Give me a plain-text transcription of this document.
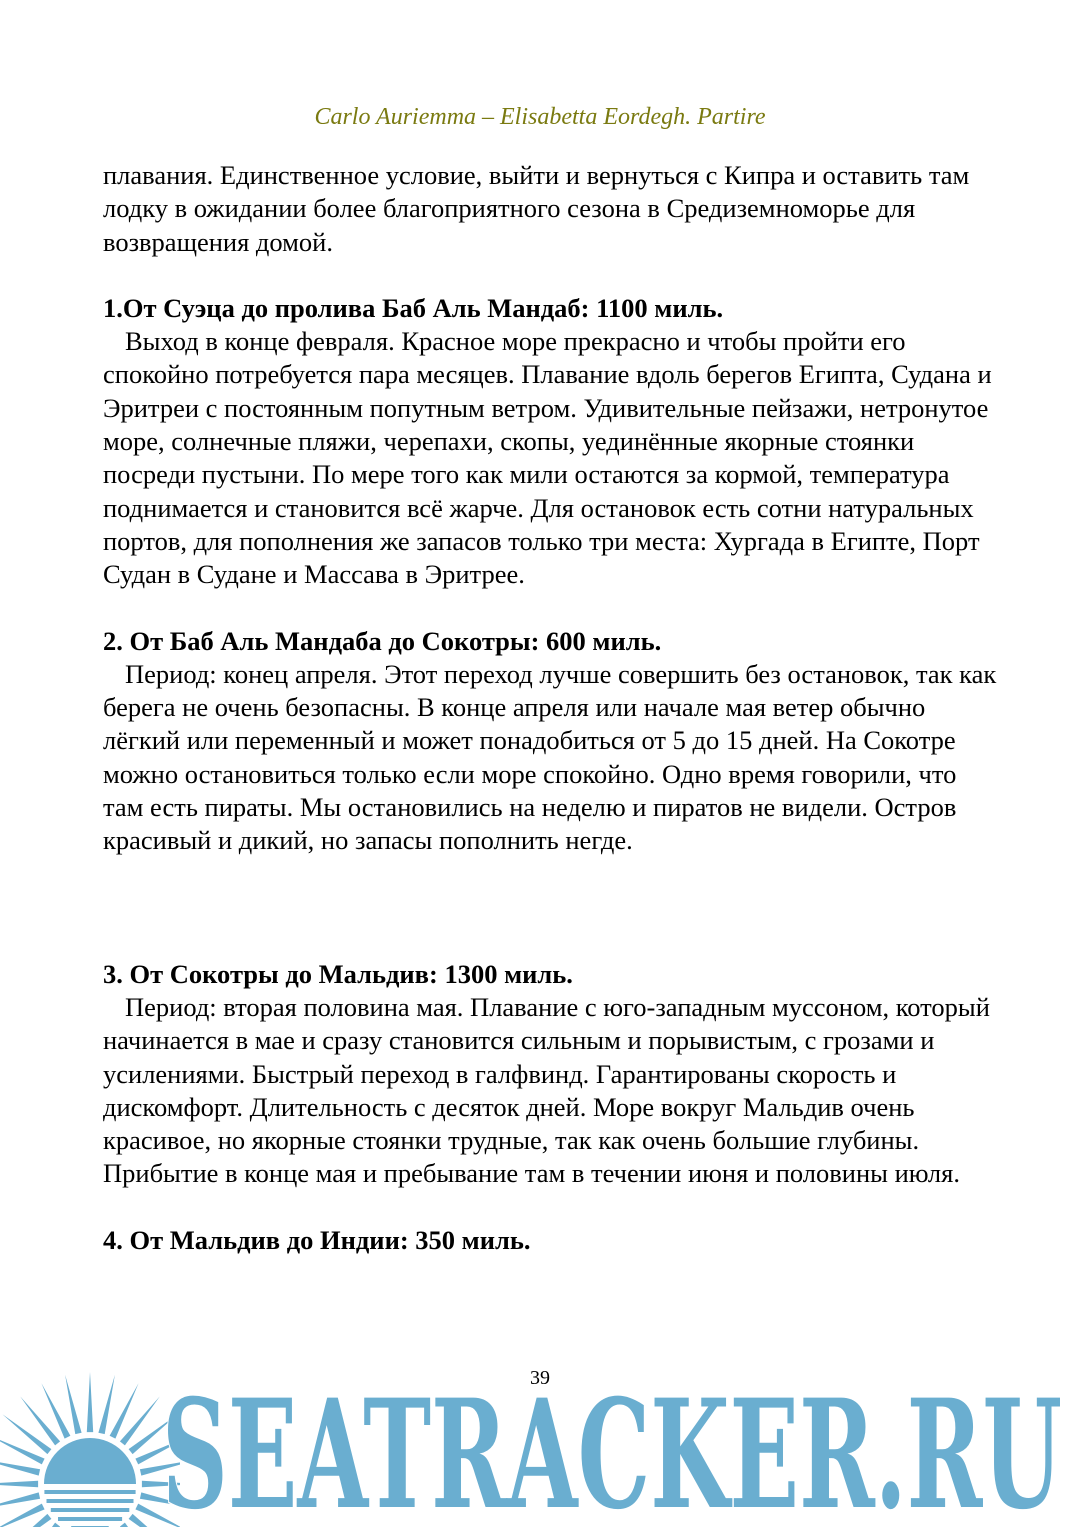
Carlo Auriemma – Elisabetta Eordegh. Partire

плавания. Единственное условие, выйти и вернуться с Кипра и оставить там лодку в ожидании более благоприятного сезона в Средиземноморье для возвращения домой.

1.От Суэца до пролива Баб Аль Мандаб: 1100 миль.

Выход в конце февраля. Красное море прекрасно и чтобы пройти его спокойно потребуется пара месяцев. Плавание вдоль берегов Египта, Судана и Эритреи с постоянным попутным ветром. Удивительные пейзажи, нетронутое море, солнечные пляжи, черепахи, скопы, уединённые якорные стоянки посреди пустыни. По мере того как мили остаются за кормой, температура поднимается и становится всё жарче. Для остановок есть сотни натуральных портов, для пополнения же запасов только три места: Хургада в Египте, Порт Судан в Судане и Массава в Эритрее.

2. От Баб Аль Мандаба до Сокотры: 600 миль.

Период: конец апреля. Этот переход лучше совершить без остановок, так как берега не очень безопасны. В конце апреля или начале мая ветер обычно лёгкий или переменный и может понадобиться от 5 до 15 дней. На Сокотре можно остановиться только если море спокойно. Одно время говорили, что там есть пираты. Мы остановились на неделю и пиратов не видели. Остров красивый и дикий, но запасы пополнить негде.

3. От Сокотры до Мальдив: 1300 миль.

Период: вторая половина мая. Плавание с юго-западным муссоном, который начинается в мае и сразу становится сильным и порывистым, с грозами и усилениями. Быстрый переход в галфвинд. Гарантированы скорость и дискомфорт. Длительность с десяток дней. Море вокруг Мальдив очень красивое, но якорные стоянки трудные, так как очень большие глубины. Прибытие в конце мая и пребывание там в течении июня и половины июля.

4. От Мальдив до Индии: 350 миль.
39
SEATRACKER.RU
